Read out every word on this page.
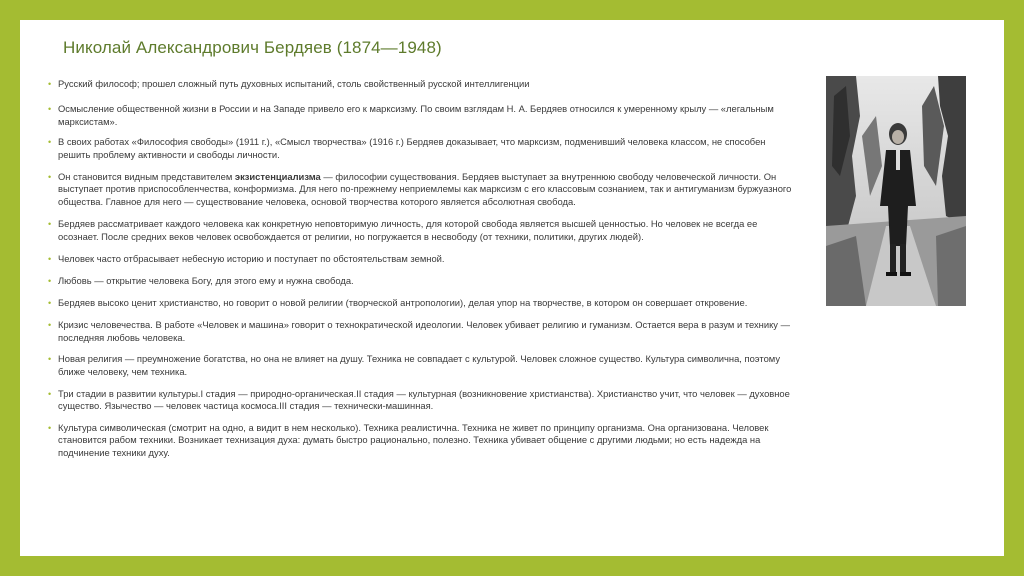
Николай Александрович Бердяев (1874—1948)
• Русский философ; прошел сложный путь духовных испытаний, столь свойственный русской интеллигенции
• Осмысление общественной жизни в России и на Западе привело его к марксизму. По своим взглядам Н. А. Бердяев относился к умеренному крылу — «легальным марксистам».
• В своих работах «Философия свободы» (1911 г.), «Смысл творчества» (1916 г.) Бердяев доказывает, что марксизм, подменивший человека классом, не способен решить проблему активности и свободы личности.
• Он становится видным представителем экзистенциализма — философии существования. Бердяев выступает за внутреннюю свободу человеческой личности. Он выступает против приспособленчества, конформизма. Для него по-прежнему неприемлемы как марксизм с его классовым сознанием, так и антигуманизм буржуазного общества. Главное для него — существование человека, основой творчества которого является абсолютная свобода.
• Бердяев рассматривает каждого человека как конкретную неповторимую личность, для которой свобода является высшей ценностью. Но человек не всегда ее осознает. После средних веков человек освобождается от религии, но погружается в несвободу (от техники, политики, других людей).
• Человек часто отбрасывает небесную историю и поступает по обстоятельствам земной.
• Любовь — открытие человека Богу, для этого ему и нужна свобода.
• Бердяев высоко ценит христианство, но говорит о новой религии (творческой антропологии), делая упор на творчестве, в котором он совершает откровение.
• Кризис человечества. В работе «Человек и машина» говорит о технократической идеологии. Человек убивает религию и гуманизм. Остается вера в разум и технику — последняя любовь человека.
• Новая религия — преумножение богатства, но она не влияет на душу. Техника не совпадает с культурой. Человек сложное существо. Культура символична, поэтому ближе человеку, чем техника.
• Три стадии в развитии культуры.I стадия — природно-органическая.II стадия — культурная (возникновение христианства). Христианство учит, что человек — духовное существо. Язычество — человек частица космоса.III стадия — технически-машинная.
• Культура символическая (смотрит на одно, а видит в нем несколько). Техника реалистична. Техника не живет по принципу организма. Она организована. Человек становится рабом техники. Возникает технизация духа: думать быстро рационально, полезно. Техника убивает общение с другими людьми; но есть надежда на подчинение техники духу.
